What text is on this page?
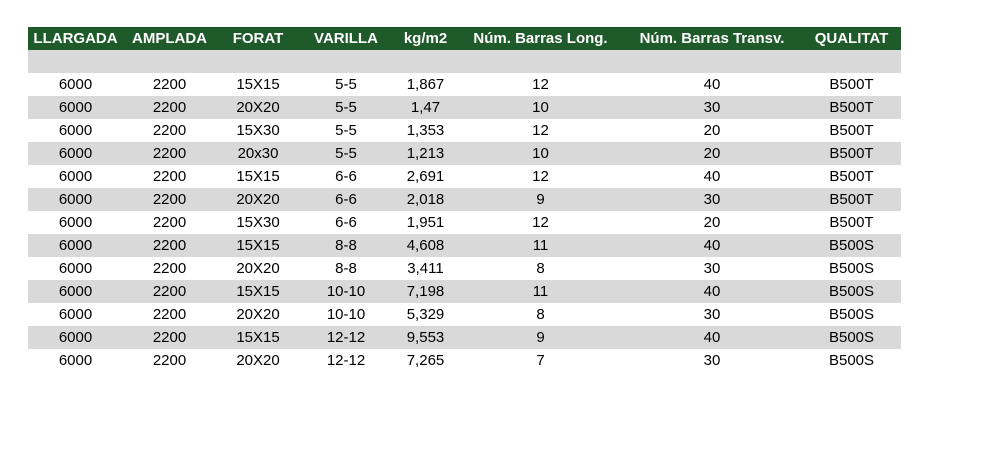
LLARGADA	AMPLADA	FORAT	VARILLA	kg/m2	Núm. Barras Long.	Núm. Barras Transv.	QUALITAT

6000	2200	15X15	5-5	1,867	12	40	B500T
6000	2200	20X20	5-5	1,47	10	30	B500T
6000	2200	15X30	5-5	1,353	12	20	B500T
6000	2200	20x30	5-5	1,213	10	20	B500T
6000	2200	15X15	6-6	2,691	12	40	B500T
6000	2200	20X20	6-6	2,018	9	30	B500T
6000	2200	15X30	6-6	1,951	12	20	B500T
6000	2200	15X15	8-8	4,608	11	40	B500S
6000	2200	20X20	8-8	3,411	8	30	B500S
6000	2200	15X15	10-10	7,198	11	40	B500S
6000	2200	20X20	10-10	5,329	8	30	B500S
6000	2200	15X15	12-12	9,553	9	40	B500S
6000	2200	20X20	12-12	7,265	7	30	B500S
